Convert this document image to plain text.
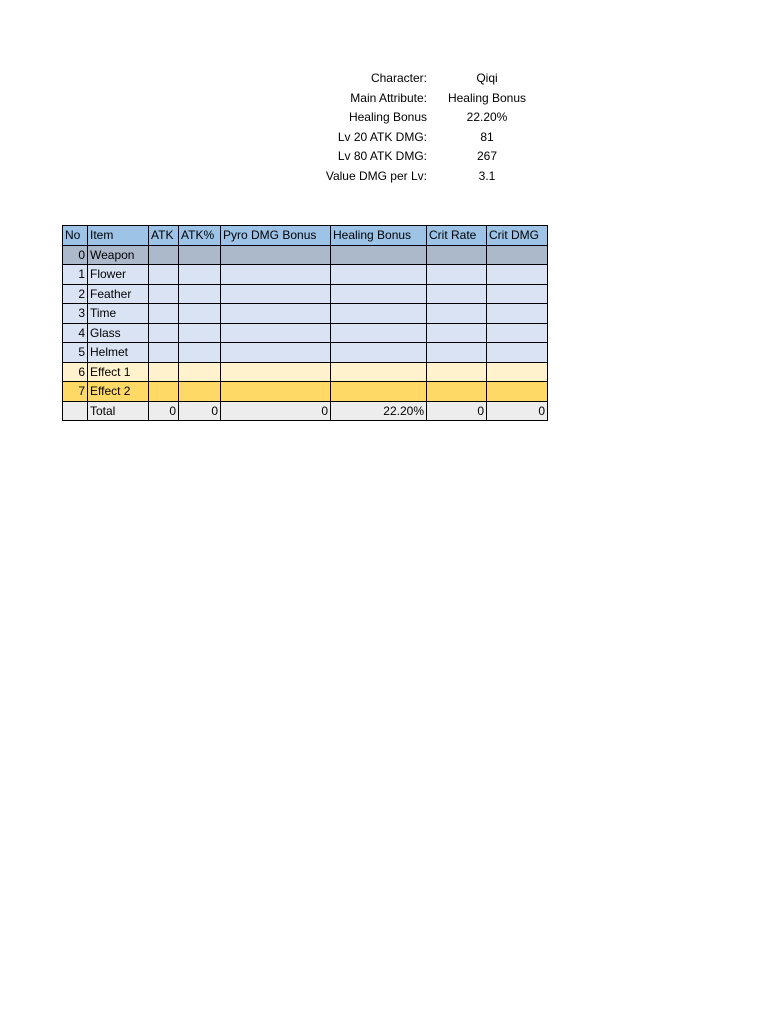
Character:	Qiqi
Main Attribute:	Healing Bonus
Healing Bonus	22.20%
Lv 20 ATK DMG:	81
Lv 80 ATK DMG:	267
Value DMG per Lv:	3.1
No	Item	ATK	ATK%	Pyro DMG Bonus	Healing Bonus	Crit Rate	Crit DMG
0	Weapon						
1	Flower						
2	Feather						
3	Time						
4	Glass						
5	Helmet						
6	Effect 1						
7	Effect 2						
	Total	0	0	0	22.20%	0	0
